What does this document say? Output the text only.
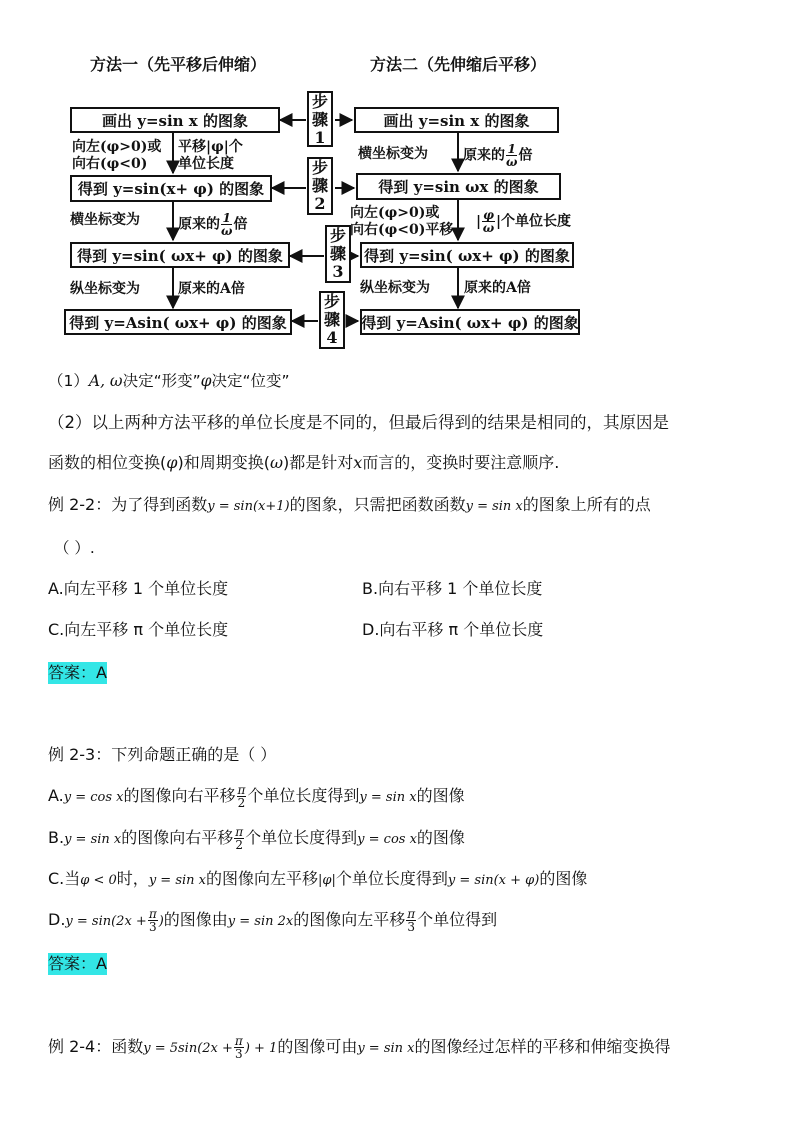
方法一（先平移后伸缩）	方法二（先伸缩后平移）
画出 y=sin x 的图象
得到 y=sin(x+ φ) 的图象
得到 y=sin( ωx+ φ) 的图象
得到 y=Asin( ωx+ φ) 的图象
画出 y=sin x 的图象
得到 y=sin ωx 的图象
得到 y=sin( ωx+ φ) 的图象
得到 y=Asin( ωx+ φ) 的图象
步
骤
1
步
骤
2
步
骤
3
步
骤
4
向左(φ>0)或
向右(φ<0)
平移|φ|个
单位长度
横坐标变为	原来的 $\frac{1}{\omega}$ 倍
纵坐标变为	原来的A倍
横坐标变为	原来的 $\frac{1}{\omega}$ 倍
向左(φ>0)或
向右(φ<0)平移
| $\frac{\varphi}{\omega}$ |个单位长度
纵坐标变为 原来的A倍
（1）A, ω决定“形变”φ决定“位变”
（2）以上两种方法平移的单位长度是不同的，但最后得到的结果是相同的，其原因是
函数的相位变换(φ)和周期变换(ω)都是针对x而言的，变换时要注意顺序.
例 2-2：为了得到函数y = sin(x+1)的图象，只需把函数函数y = sin x的图象上所有的点
（ ）.
A.向左平移 1 个单位长度	B.向右平移 1 个单位长度
C.向左平移 π 个单位长度	D.向右平移 π 个单位长度
答案：A
例 2-3：下列命题正确的是（ ）
A.y = cos x的图像向右平移 $\frac{\pi}{2}$ 个单位长度得到y = sin x的图像
B.y = sin x的图像向右平移 $\frac{\pi}{2}$ 个单位长度得到y = cos x的图像
C.当φ < 0时，y = sin x的图像向左平移|φ|个单位长度得到y = sin(x + φ)的图像
$D.y = \sin(2x + \frac{\pi}{3}$ )的图像由y = sin 2x的图像向左平移 $\frac{\pi}{3}$ 个单位得到
答案：A
例 2-4：函数$y = 5\sin(2x + \frac{\pi}{3}$ ) + 1的图像可由y = sin x的图像经过怎样的平移和伸缩变换得
